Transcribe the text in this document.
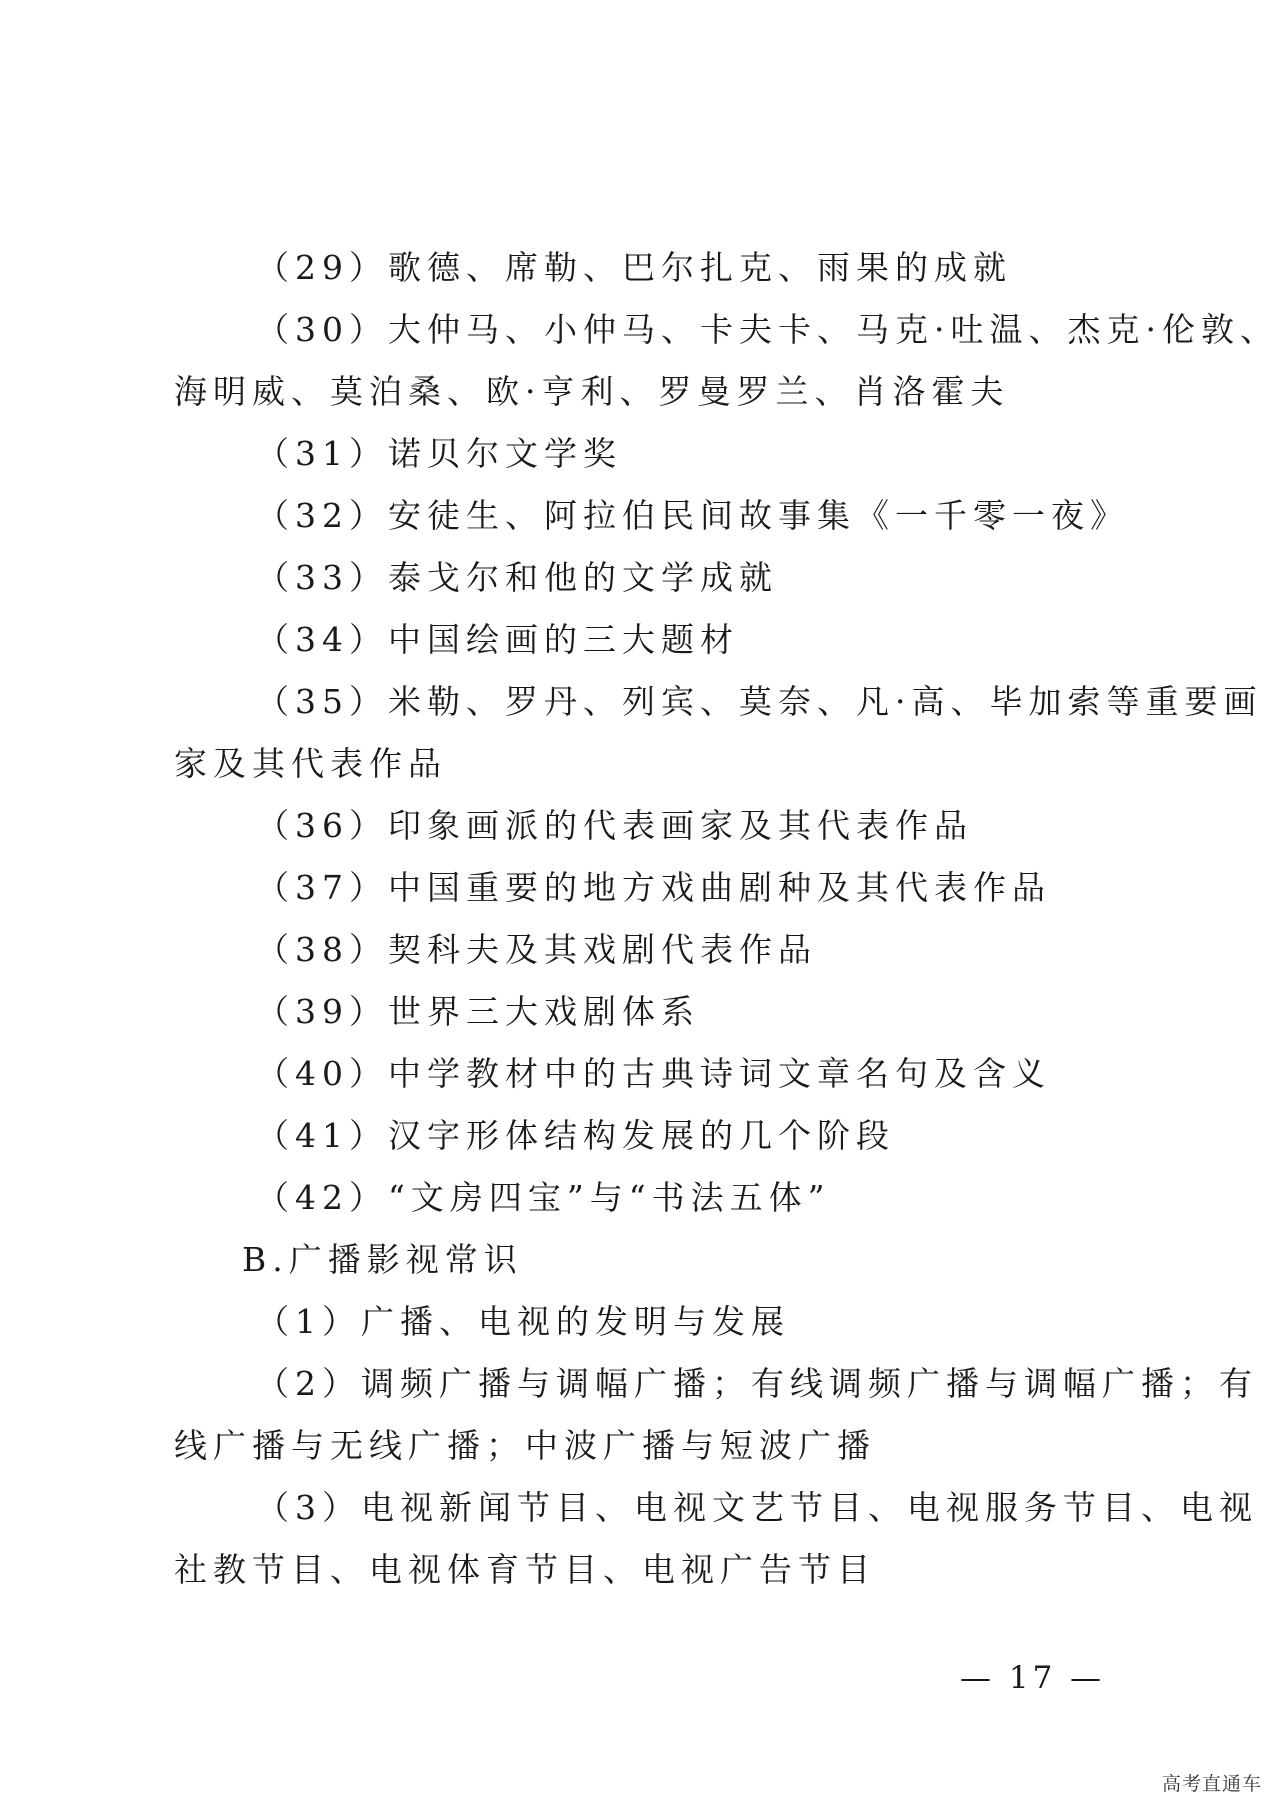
（29）歌德、席勒、巴尔扎克、雨果的成就
（30）大仲马、小仲马、卡夫卡、马克·吐温、杰克·伦敦、
海明威、莫泊桑、欧·亨利、罗曼罗兰、肖洛霍夫
（31）诺贝尔文学奖
（32）安徒生、阿拉伯民间故事集《一千零一夜》
（33）泰戈尔和他的文学成就
（34）中国绘画的三大题材
（35）米勒、罗丹、列宾、莫奈、凡·高、毕加索等重要画
家及其代表作品
（36）印象画派的代表画家及其代表作品
（37）中国重要的地方戏曲剧种及其代表作品
（38）契科夫及其戏剧代表作品
（39）世界三大戏剧体系
（40）中学教材中的古典诗词文章名句及含义
（41）汉字形体结构发展的几个阶段
（42）“文房四宝”与“书法五体”
B.广播影视常识
（1）广播、电视的发明与发展
（2）调频广播与调幅广播；有线调频广播与调幅广播；有
线广播与无线广播；中波广播与短波广播
（3）电视新闻节目、电视文艺节目、电视服务节目、电视
社教节目、电视体育节目、电视广告节目
— 17 —
高考直通车
